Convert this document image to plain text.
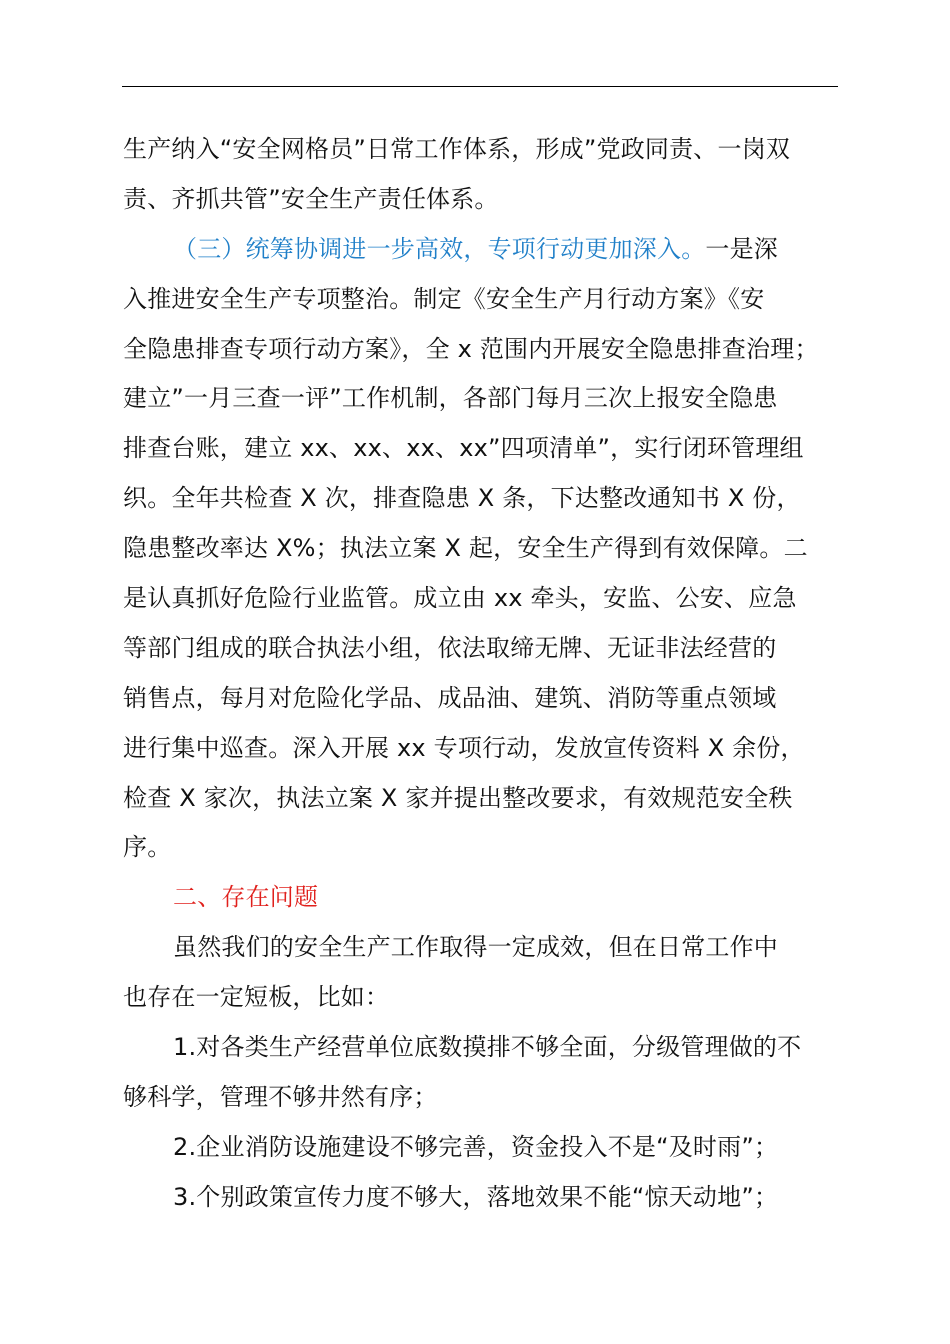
生产纳入“安全网格员”日常工作体系，形成”党政同责、一岗双
责、齐抓共管”安全生产责任体系。
（三）统筹协调进一步高效，专项行动更加深入。一是深
入推进安全生产专项整治。制定《安全生产月行动方案》《安
全隐患排查专项行动方案》，全 x 范围内开展安全隐患排查治理；
建立”一月三查一评”工作机制，各部门每月三次上报安全隐患
排查台账，建立 xx、xx、xx、xx”四项清单”，实行闭环管理组
织。全年共检查 X 次，排查隐患 X 条，下达整改通知书 X 份，
隐患整改率达 X%；执法立案 X 起，安全生产得到有效保障。二
是认真抓好危险行业监管。成立由 xx 牵头，安监、公安、应急
等部门组成的联合执法小组，依法取缔无牌、无证非法经营的
销售点，每月对危险化学品、成品油、建筑、消防等重点领域
进行集中巡查。深入开展 xx 专项行动，发放宣传资料 X 余份，
检查 X 家次，执法立案 X 家并提出整改要求，有效规范安全秩
序。
二、存在问题
虽然我们的安全生产工作取得一定成效，但在日常工作中
也存在一定短板，比如：
1.对各类生产经营单位底数摸排不够全面，分级管理做的不
够科学，管理不够井然有序；
2.企业消防设施建设不够完善，资金投入不是“及时雨”；
3.个别政策宣传力度不够大，落地效果不能“惊天动地”；
